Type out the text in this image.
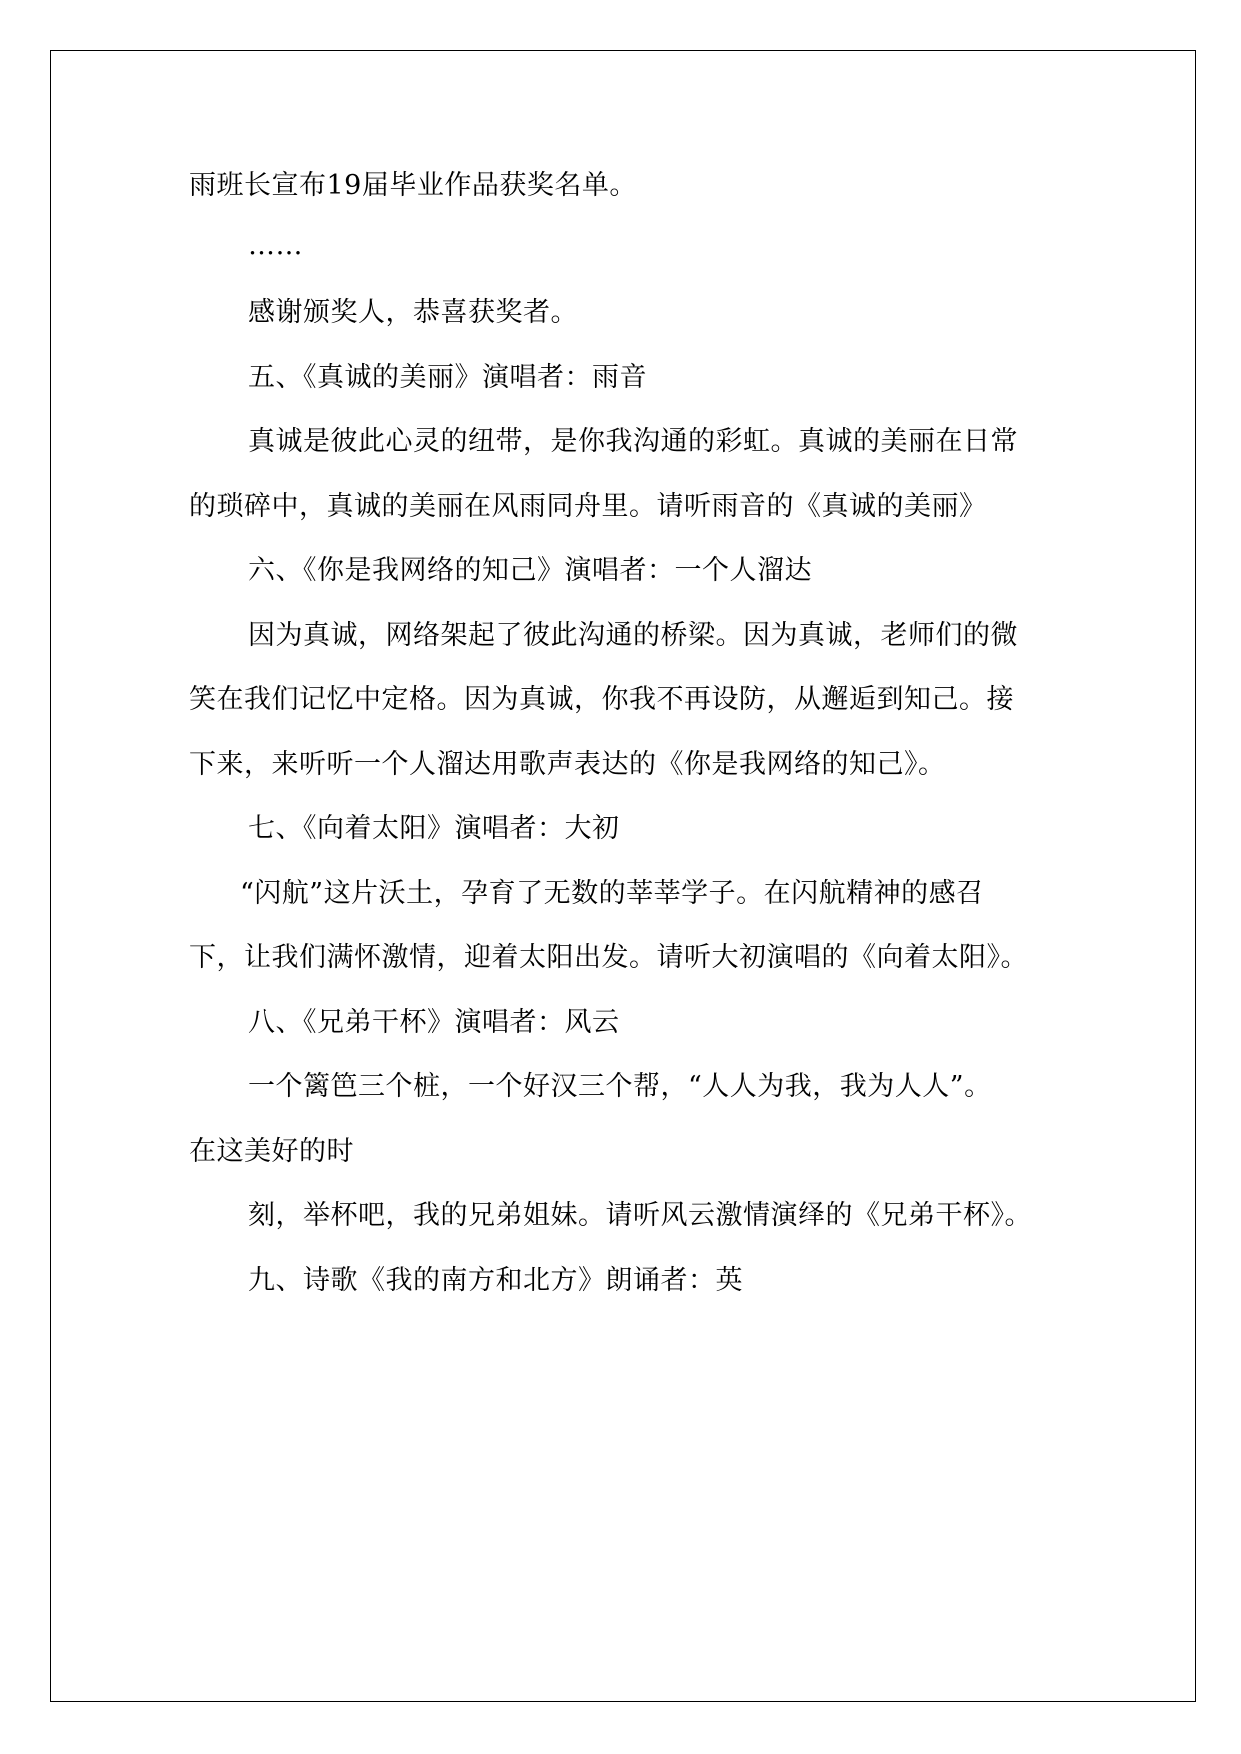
雨班长宣布19届毕业作品获奖名单。
……
感谢颁奖人，恭喜获奖者。
五、《真诚的美丽》演唱者：雨音
真诚是彼此心灵的纽带，是你我沟通的彩虹。真诚的美丽在日常
的琐碎中，真诚的美丽在风雨同舟里。请听雨音的《真诚的美丽》
六、《你是我网络的知己》演唱者：一个人溜达
因为真诚，网络架起了彼此沟通的桥梁。因为真诚，老师们的微
笑在我们记忆中定格。因为真诚，你我不再设防，从邂逅到知己。接
下来，来听听一个人溜达用歌声表达的《你是我网络的知己》。
七、《向着太阳》演唱者：大初
“闪航”这片沃土，孕育了无数的莘莘学子。在闪航精神的感召
下，让我们满怀激情，迎着太阳出发。请听大初演唱的《向着太阳》。
八、《兄弟干杯》演唱者：风云
一个篱笆三个桩，一个好汉三个帮，“人人为我，我为人人”。
在这美好的时
刻，举杯吧，我的兄弟姐妹。请听风云激情演绎的《兄弟干杯》。
九、诗歌《我的南方和北方》朗诵者：英
